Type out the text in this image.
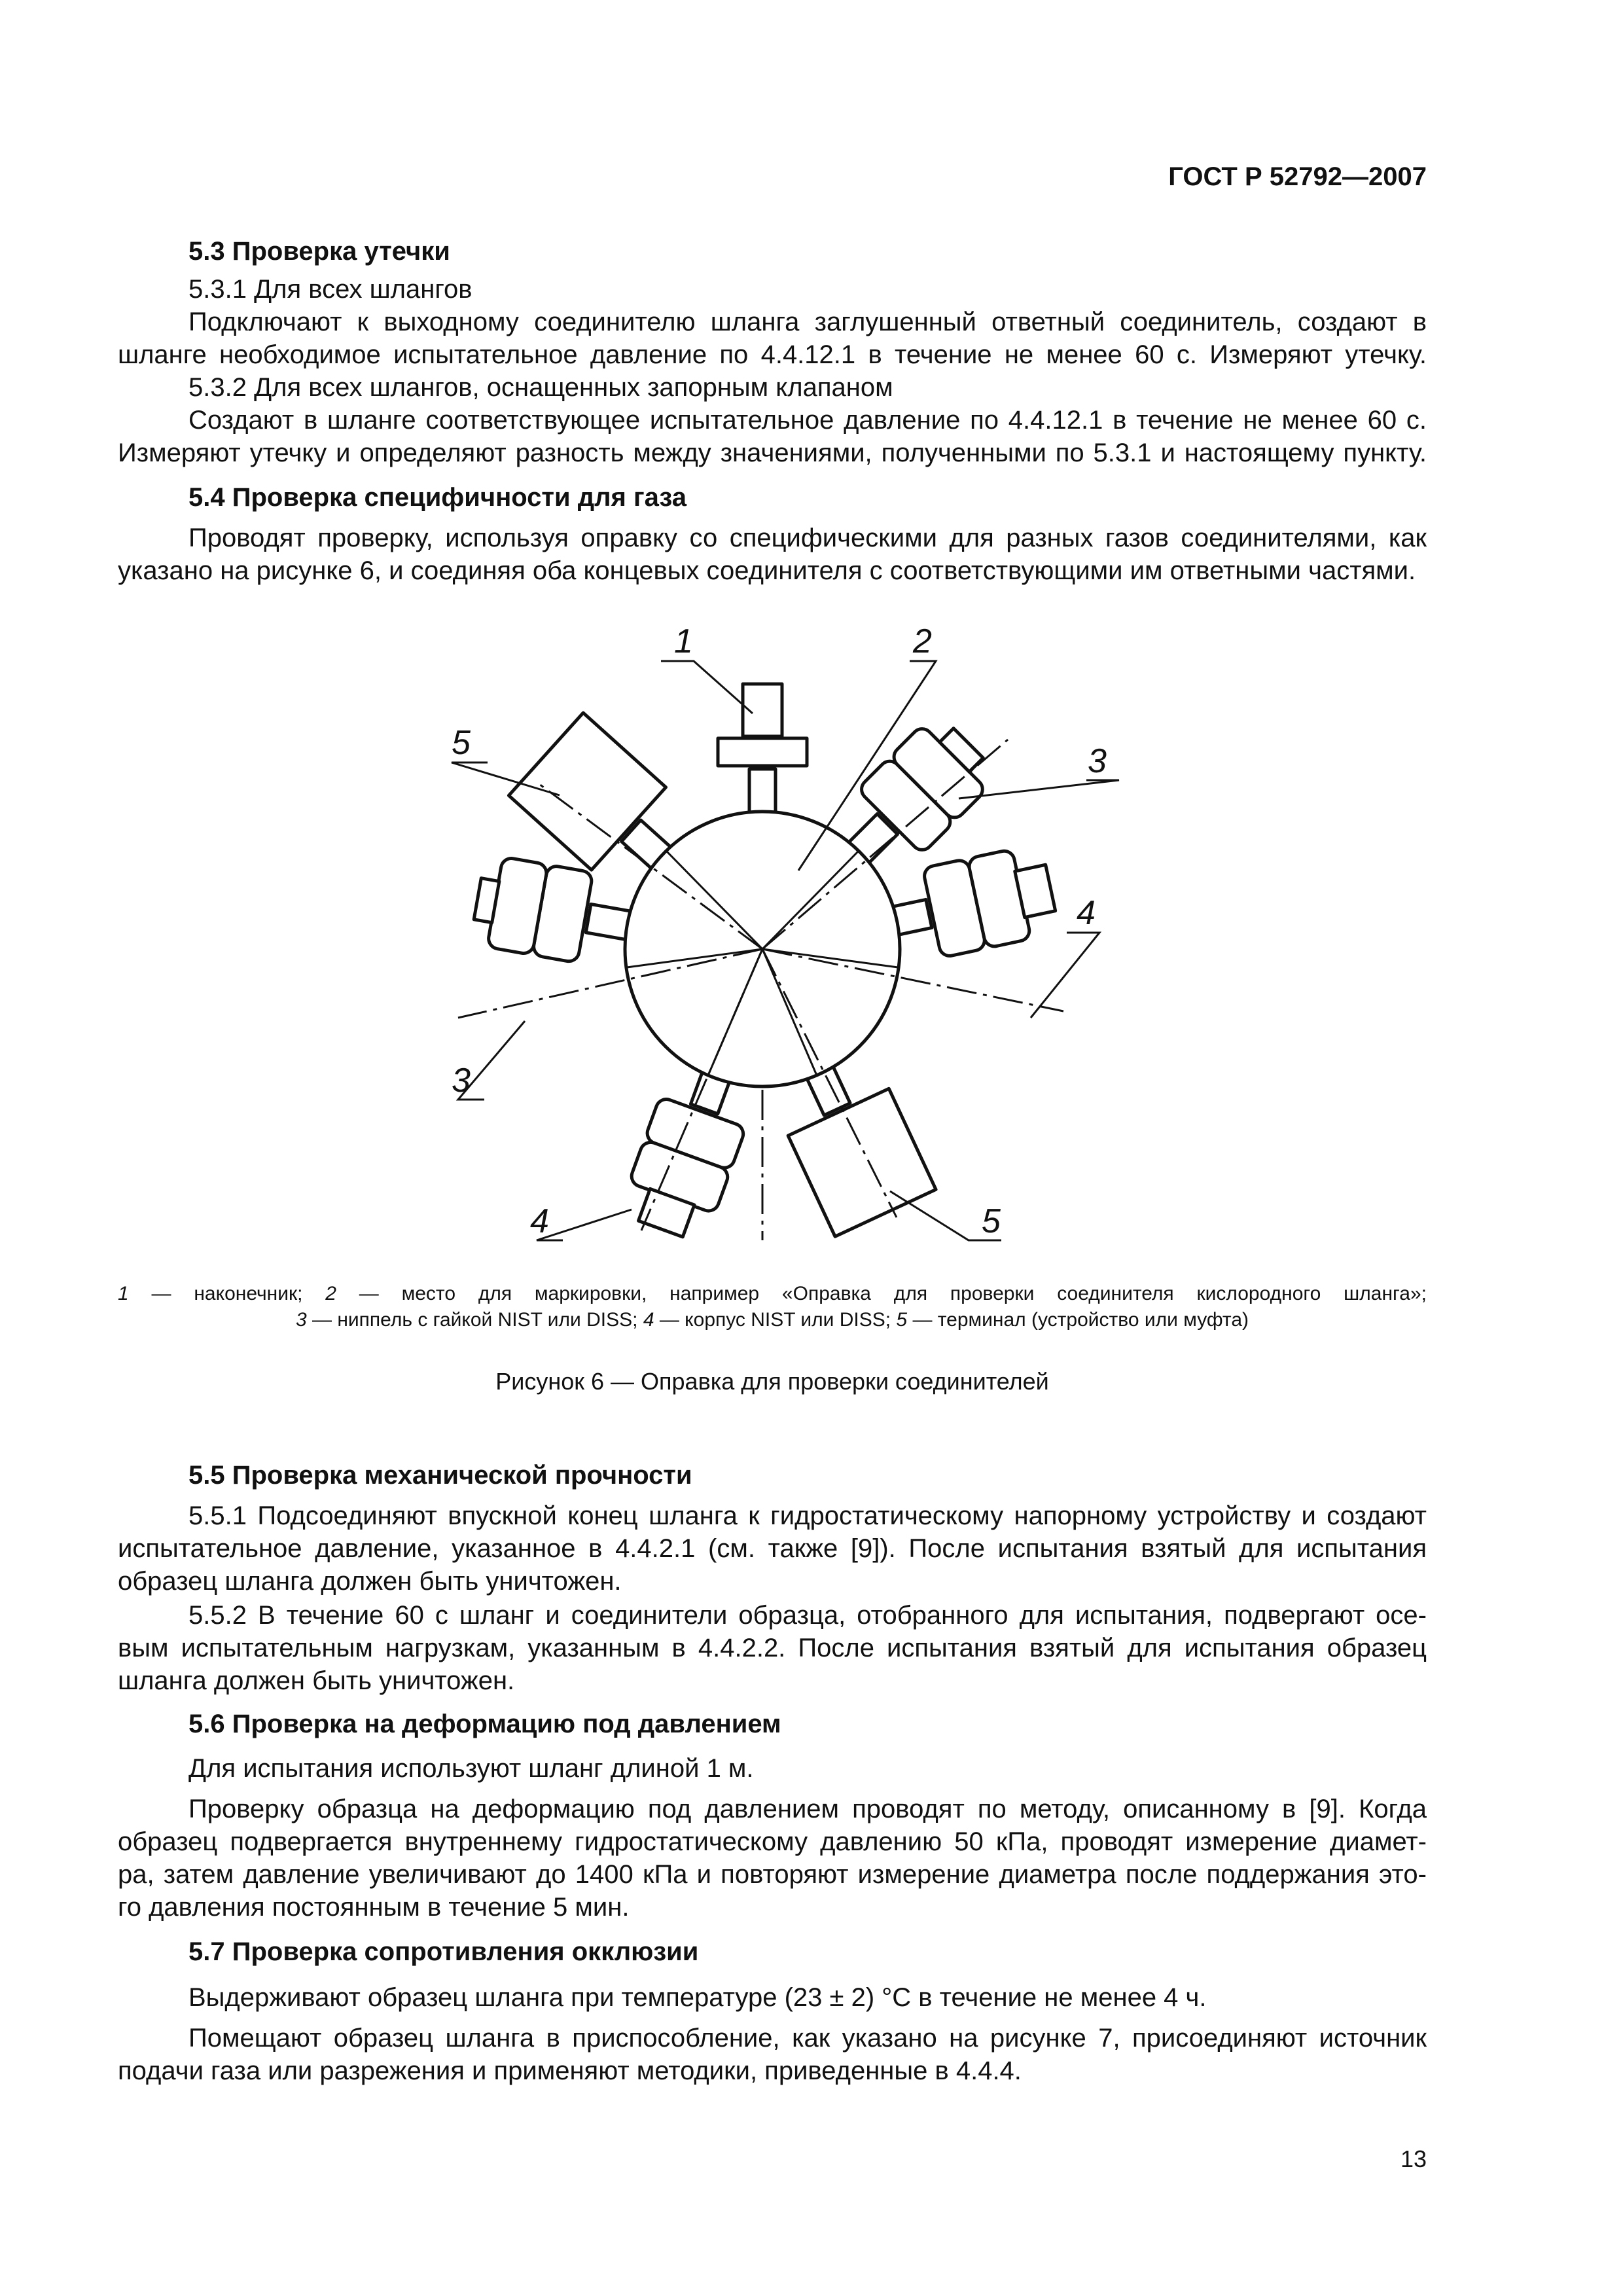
ГОСТ Р 52792—2007
5.3 Проверка утечки
5.3.1 Для всех шлангов
Подключают к выходному соединителю шланга заглушенный ответный соединитель, создают в
шланге необходимое испытательное давление по 4.4.12.1 в течение не менее 60 с. Измеряют утечку.
5.3.2 Для всех шлангов, оснащенных запорным клапаном
Создают в шланге соответствующее испытательное давление по 4.4.12.1 в течение не менее 60 с.
Измеряют утечку и определяют разность между значениями, полученными по 5.3.1 и настоящему пункту.
5.4 Проверка специфичности для газа
Проводят проверку, используя оправку со специфическими для разных газов соединителями, как
указано на рисунке 6, и соединяя оба концевых соединителя с соответствующими им ответными частями.
1	2
3
4
5
3
4	5
1 — наконечник; 2 — место для маркировки, например «Оправка для проверки соединителя кислородного шланга»;
3 — ниппель с гайкой NIST или DISS; 4 — корпус NIST или DISS; 5 — терминал (устройство или муфта)
Рисунок 6 — Оправка для проверки соединителей
5.5 Проверка механической прочности
5.5.1 Подсоединяют впускной конец шланга к гидростатическому напорному устройству и создают
испытательное давление, указанное в 4.4.2.1 (см. также [9]). После испытания взятый для испытания
образец шланга должен быть уничтожен.
5.5.2 В течение 60 с шланг и соединители образца, отобранного для испытания, подвергают осе-
вым испытательным нагрузкам, указанным в 4.4.2.2. После испытания взятый для испытания образец
шланга должен быть уничтожен.
5.6 Проверка на деформацию под давлением
Для испытания используют шланг длиной 1 м.
Проверку образца на деформацию под давлением проводят по методу, описанному в [9]. Когда
образец подвергается внутреннему гидростатическому давлению 50 кПа, проводят измерение диамет-
ра, затем давление увеличивают до 1400 кПа и повторяют измерение диаметра после поддержания это-
го давления постоянным в течение 5 мин.
5.7 Проверка сопротивления окклюзии
Выдерживают образец шланга при температуре (23 ± 2) °С в течение не менее 4 ч.
Помещают образец шланга в приспособление, как указано на рисунке 7, присоединяют источник
подачи газа или разрежения и применяют методики, приведенные в 4.4.4.
13
